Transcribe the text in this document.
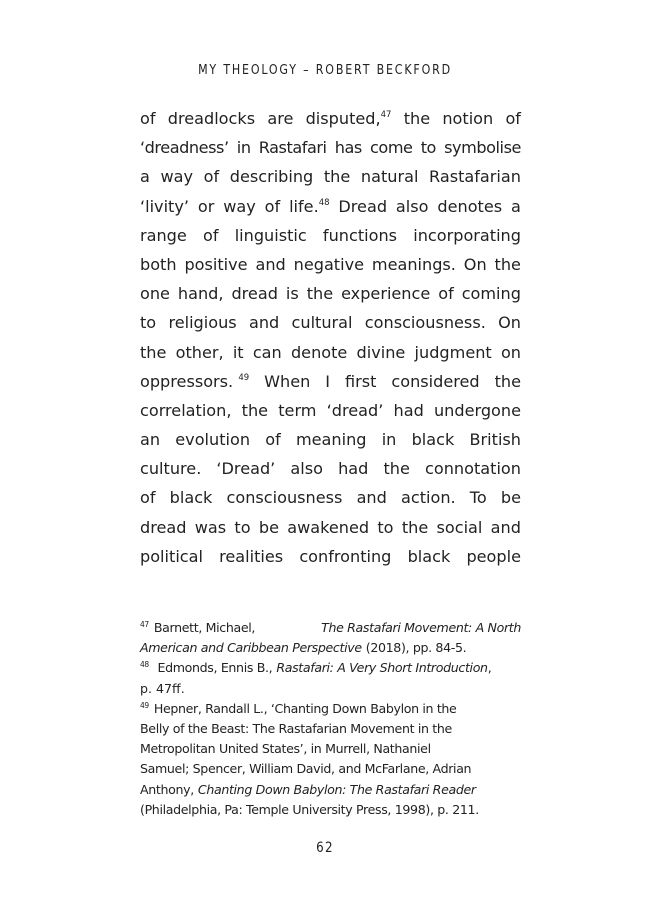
MY THEOLOGY – ROBERT BECKFORD
of dreadlocks are disputed,$^{47}$ the notion of
‘dreadness’ in Rastafari has come to symbolise
a way of describing the natural Rastafarian
‘livity’ or way of life.$^{48}$ Dread also denotes a
range of linguistic functions incorporating
both positive and negative meanings. On the
one hand, dread is the experience of coming
to religious and cultural consciousness. On
the other, it can denote divine judgment on
oppressors. $^{49}$ When I first considered the
correlation, the term ‘dread’ had undergone
an evolution of meaning in black British
culture. ‘Dread’ also had the connotation
of black consciousness and action. To be
dread was to be awakened to the social and
political realities confronting black people
$^{47}$ Barnett, Michael,	The Rastafari Movement: A North
American and Caribbean Perspective (2018), pp. 84-5.
$^{48}$ Edmonds, Ennis B., Rastafari: A Very Short Introduction,
p. 47ff.
$^{49}$ Hepner, Randall L., ‘Chanting Down Babylon in the
Belly of the Beast: The Rastafarian Movement in the
Metropolitan United States’, in Murrell, Nathaniel
Samuel; Spencer, William David, and McFarlane, Adrian
Anthony, Chanting Down Babylon: The Rastafari Reader
(Philadelphia, Pa: Temple University Press, 1998), p. 211.
62
